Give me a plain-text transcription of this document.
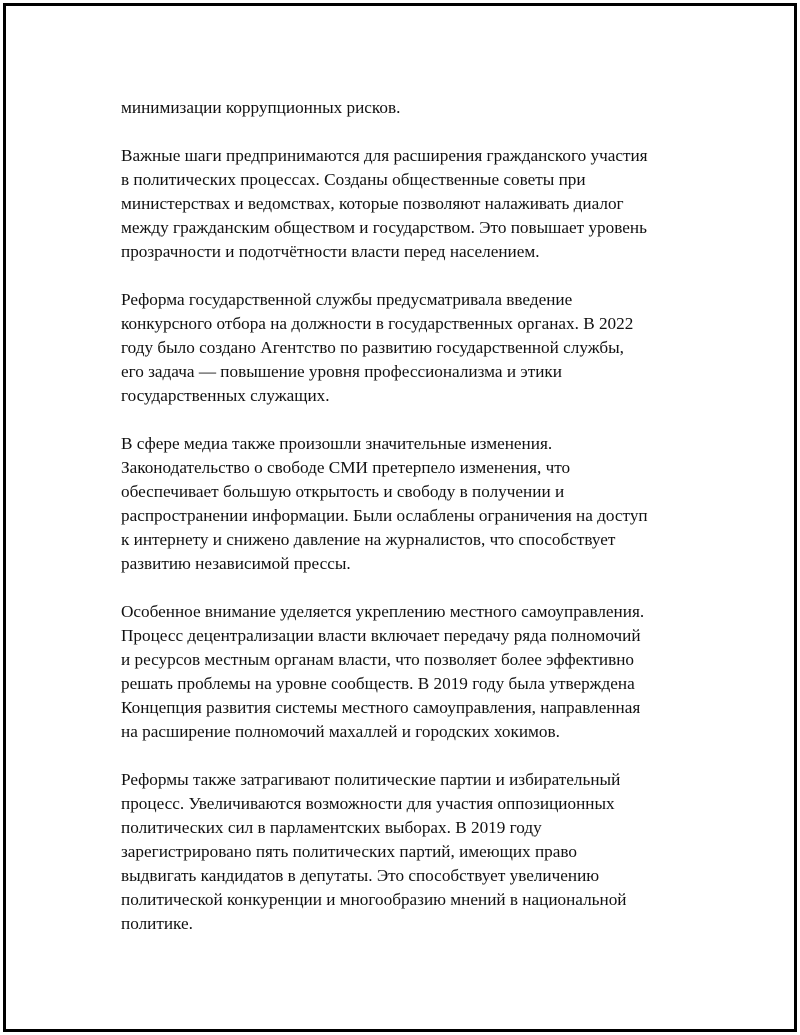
минимизации коррупционных рисков.

Важные шаги предпринимаются для расширения гражданского участия
в политических процессах. Созданы общественные советы при
министерствах и ведомствах, которые позволяют налаживать диалог
между гражданским обществом и государством. Это повышает уровень
прозрачности и подотчётности власти перед населением.

Реформа государственной службы предусматривала введение
конкурсного отбора на должности в государственных органах. В 2022
году было создано Агентство по развитию государственной службы,
его задача — повышение уровня профессионализма и этики
государственных служащих.

В сфере медиа также произошли значительные изменения.
Законодательство о свободе СМИ претерпело изменения, что
обеспечивает большую открытость и свободу в получении и
распространении информации. Были ослаблены ограничения на доступ
к интернету и снижено давление на журналистов, что способствует
развитию независимой прессы.

Особенное внимание уделяется укреплению местного самоуправления.
Процесс децентрализации власти включает передачу ряда полномочий
и ресурсов местным органам власти, что позволяет более эффективно
решать проблемы на уровне сообществ. В 2019 году была утверждена
Концепция развития системы местного самоуправления, направленная
на расширение полномочий махаллей и городских хокимов.

Реформы также затрагивают политические партии и избирательный
процесс. Увеличиваются возможности для участия оппозиционных
политических сил в парламентских выборах. В 2019 году
зарегистрировано пять политических партий, имеющих право
выдвигать кандидатов в депутаты. Это способствует увеличению
политической конкуренции и многообразию мнений в национальной
политике.
